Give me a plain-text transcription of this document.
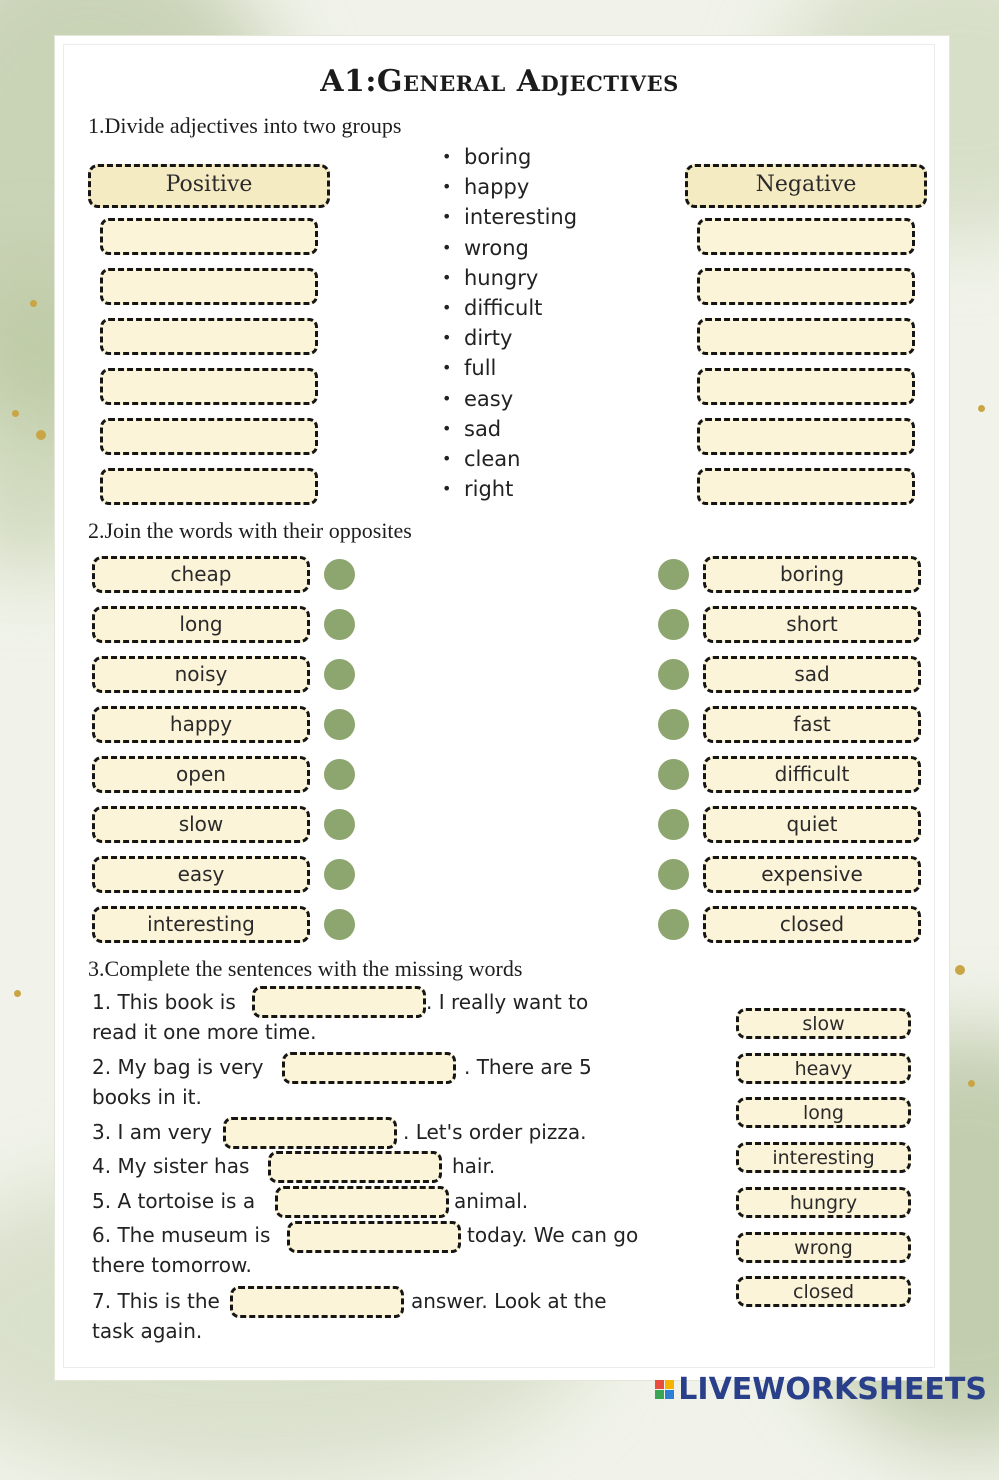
A1:General Adjectives
1.Divide adjectives into two groups
Positive	Negative
• boring
• happy
• interesting
• wrong
• hungry
• difficult
• dirty
• full
• easy
• sad
• clean
• right
2.Join the words with their opposites
cheap
long
noisy
happy
open
slow
easy
interesting
boring
short
sad
fast
difficult
quiet
expensive
closed
3.Complete the sentences with the missing words
1. This book is	. I really want to
read it one more time.
2. My bag is very	. There are 5
books in it.
3. I am very	. Let's order pizza.
4. My sister has	hair.
5. A tortoise is a	animal.
6. The museum is	today. We can go
there tomorrow.
7. This is the	answer. Look at the
task again.
slow
heavy
long
interesting
hungry
wrong
closed
LIVEWORKSHEETS
